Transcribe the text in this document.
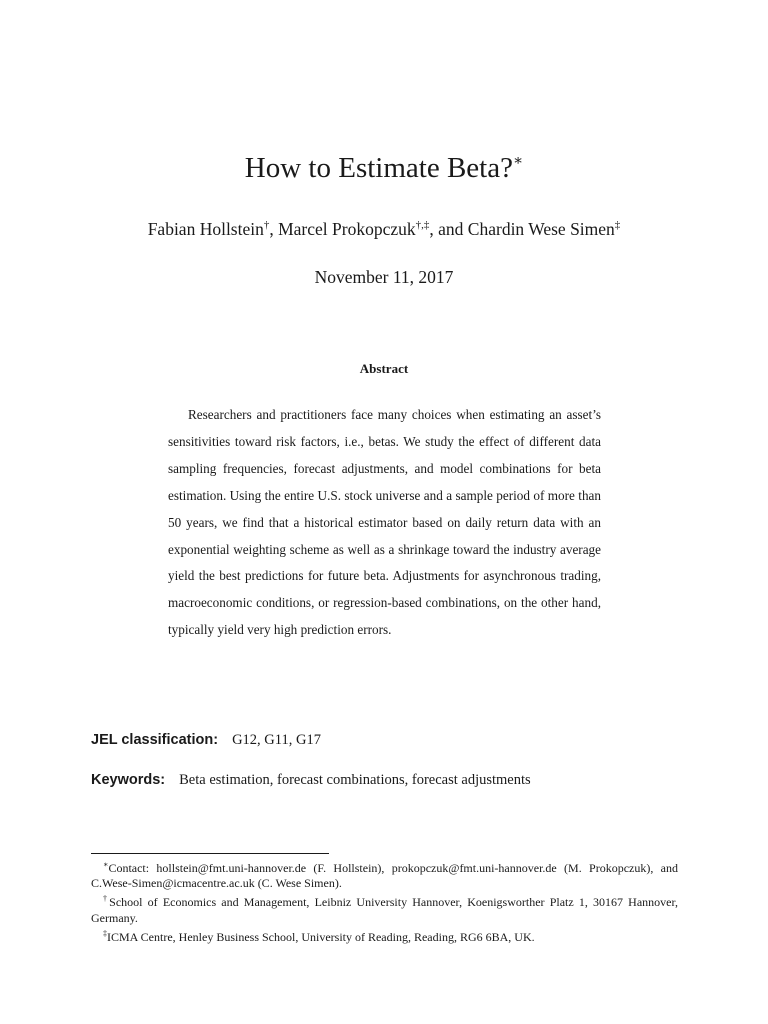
How to Estimate Beta?∗
Fabian Hollstein†, Marcel Prokopczuk†,‡, and Chardin Wese Simen‡
November 11, 2017
Abstract
Researchers and practitioners face many choices when estimating an asset’s sensitivities toward risk factors, i.e., betas. We study the effect of different data sampling frequencies, forecast adjustments, and model combinations for beta estimation. Using the entire U.S. stock universe and a sample period of more than 50 years, we find that a historical estimator based on daily return data with an exponential weighting scheme as well as a shrinkage toward the industry average yield the best predictions for future beta. Adjustments for asynchronous trading, macroeconomic conditions, or regression-based combinations, on the other hand, typically yield very high prediction errors.
JEL classification: G12, G11, G17
Keywords: Beta estimation, forecast combinations, forecast adjustments

∗Contact: hollstein@fmt.uni-hannover.de (F. Hollstein), prokopczuk@fmt.uni-hannover.de (M. Prokopczuk), and C.Wese-Simen@icmacentre.ac.uk (C. Wese Simen).

†School of Economics and Management, Leibniz University Hannover, Koenigsworther Platz 1, 30167 Hannover, Germany.

‡ICMA Centre, Henley Business School, University of Reading, Reading, RG6 6BA, UK.
